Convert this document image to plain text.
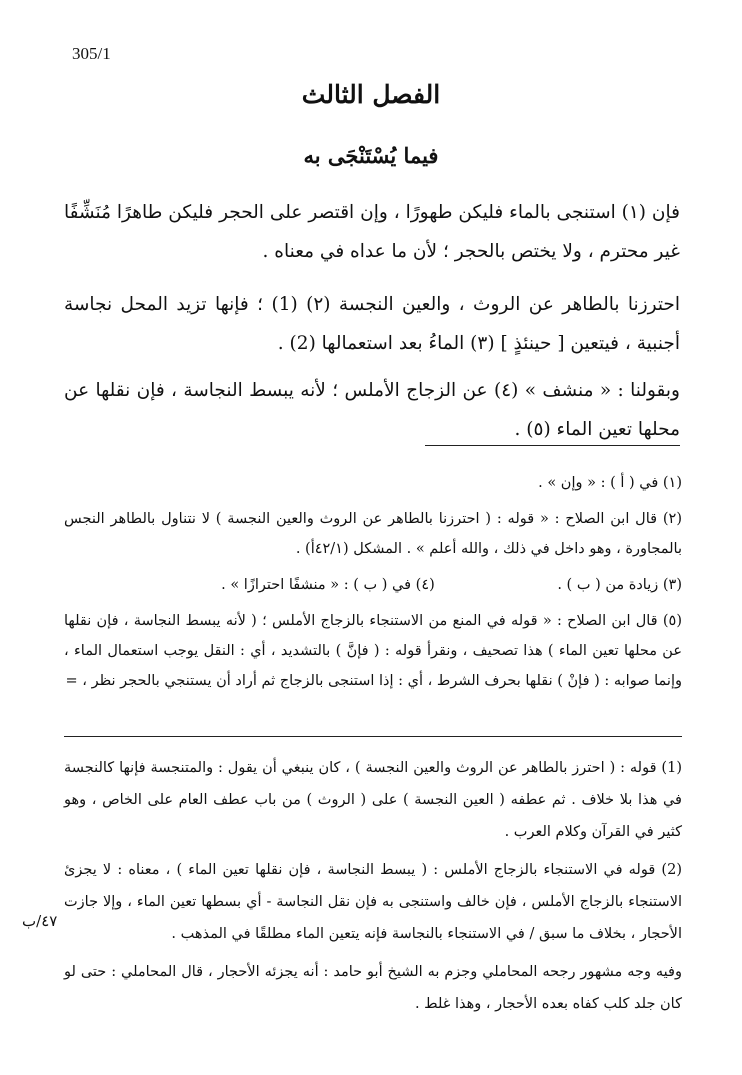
305/1
الفصل الثالث
فيما يُسْتَنْجَى به

فإن (١) استنجى بالماء فليكن طهورًا ، وإن اقتصر على الحجر فليكن طاهرًا مُنَشِّفًا غير محترم ، ولا يختص بالحجر ؛ لأن ما عداه في معناه .

احترزنا بالطاهر عن الروث ، والعين النجسة (٢) (1) ؛ فإنها تزيد المحل نجاسة أجنبية ، فيتعين [ حينئذٍ ] (٣) الماءُ بعد استعمالها (2) .

وبقولنا : « منشف » (٤) عن الزجاج الأملس ؛ لأنه يبسط النجاسة ، فإن نقلها عن محلها تعين الماء (٥) .

(١) في ( أ ) : « وإن » .

(٢) قال ابن الصلاح : « قوله : ( احترزنا بالطاهر عن الروث والعين النجسة ) لا نتناول بالطاهر النجس بالمجاورة ، وهو داخل في ذلك ، والله أعلم » . المشكل (٤٢/١أ) .

(٣) زيادة من ( ب ) .
(٤) في ( ب ) : « منشفًا احترازًا » .

(٥) قال ابن الصلاح : « قوله في المنع من الاستنجاء بالزجاج الأملس ؛ ( لأنه يبسط النجاسة ، فإن نقلها عن محلها تعين الماء ) هذا تصحيف ، ونقرأ قوله : ( فإنَّ ) بالتشديد ، أي : النقل يوجب استعمال الماء ، وإنما صوابه : ( فإنْ ) نقلها بحرف الشرط ، أي : إذا استنجى بالزجاج ثم أراد أن يستنجي بالحجر نظر ، =

(1) قوله : ( احترز بالطاهر عن الروث والعين النجسة ) ، كان ينبغي أن يقول : والمتنجسة فإنها كالنجسة في هذا بلا خلاف . ثم عطفه ( العين النجسة ) على ( الروث ) من باب عطف العام على الخاص ، وهو كثير في القرآن وكلام العرب .

(2) قوله في الاستنجاء بالزجاج الأملس : ( يبسط النجاسة ، فإن نقلها تعين الماء ) ، معناه : لا يجزئ الاستنجاء بالزجاج الأملس ، فإن خالف واستنجى به فإن نقل النجاسة - أي بسطها تعين الماء ، وإلا جازت الأحجار ، بخلاف ما سبق / في الاستنجاء بالنجاسة فإنه يتعين الماء مطلقًا في المذهب .

وفيه وجه مشهور رجحه المحاملي وجزم به الشيخ أبو حامد : أنه يجزئه الأحجار ، قال المحاملي : حتى لو كان جلد كلب كفاه بعده الأحجار ، وهذا غلط .

٤٧/ب
